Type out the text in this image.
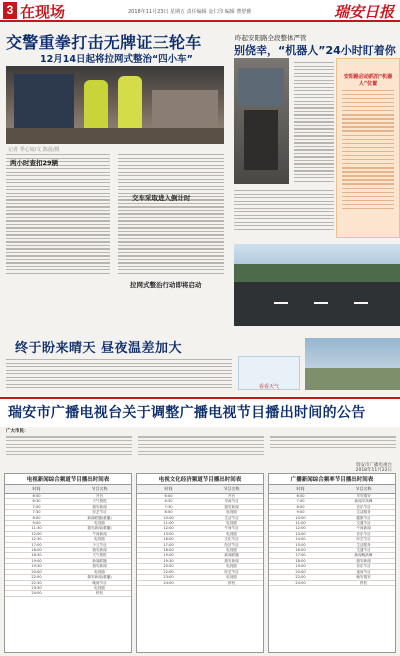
3 在现场	2018年11月23日 星期五 责任编辑 金仁印 编辑 曹舒雅	瑞安日报
交警重拳打击无牌证三轮车
12月14日起将拉网式整治“四小车”
记者 季心如/文 陈晨/摄
两小时查扣29辆
交车采取进入倒计时
拉网式整治行动即将启动
昨起安阳路全段整体严管
别侥幸，“机器人”24小时盯着你
安阳路启动抓拍“机器人”位置
终于盼来晴天 昼夜温差加大
看看天气
瑞安市广播电视台关于调整广播电视节目播出时间的公告
广大市民：
瑞安市广播电视台
2018年11月22日
电视新闻综合频道节目播出时间表
时间	节目名称
6:00	开台
6:30	天气预报
7:00	瑞安新闻
7:30	综艺节目
8:00	新闻联播(重播)
9:00	电视剧
11:30	瑞安新闻(重播)
12:00	午间新闻
12:30	电视剧
17:00	少儿节目
18:00	瑞安新闻
18:30	天气预报
19:00	新闻联播
19:30	瑞安新闻
20:00	电视剧
22:00	瑞安新闻(重播)
22:30	晚间节目
23:30	电视剧
24:00	停机
电视文化经济频道节目播出时间表
时间	节目名称
6:00	开台
6:30	早间节目
7:30	瑞安新闻
8:00	电视剧
10:00	生活节目
11:00	电视剧
12:00	午间节目
13:00	电视剧
16:00	文化节目
17:00	经济节目
18:00	电视剧
19:00	新闻联播
19:30	瑞安新闻
20:00	电视剧
22:00	综艺节目
23:00	电视剧
24:00	停机
广播新闻综合频率节目播出时间表
时间	节目名称
6:00	早安瑞安
7:00	新闻早高峰
8:00	音乐节目
9:00	生活服务
10:00	健康节目
11:00	交通节目
12:00	午间新闻
13:00	音乐节目
14:00	综艺节目
15:00	生活服务
16:00	交通节目
17:00	新闻晚高峰
18:00	瑞安新闻
19:00	音乐节目
20:00	夜间节目
22:00	晚安瑞安
24:00	停机
